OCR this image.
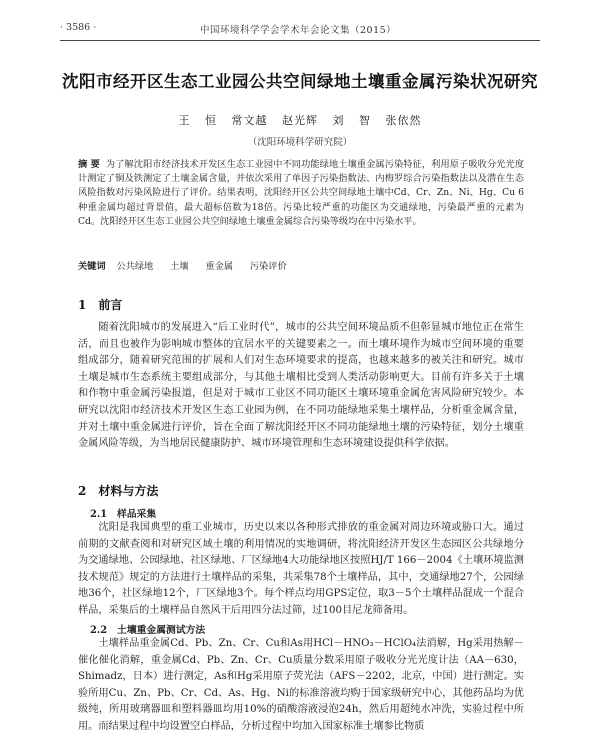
· 3586 ·	中国环境科学学会学术年会论文集（2015）
沈阳市经开区生态工业园公共空间绿地土壤重金属污染状况研究
王 恒 常文越 赵光辉 刘 智 张依然
（沈阳环境科学研究院）
摘 要 为了解沈阳市经济技术开发区生态工业园中不同功能绿地土壤重金属污染特征，利用原子吸收分光光度计测定了铜及铁测定了土壤金属含量，并依次采用了单因子污染指数法、内梅罗综合污染指数法以及潜在生态风险指数对污染风险进行了评价。结果表明，沈阳经开区公共空间绿地土壤中Cd、Cr、Zn、Ni、Hg、Cu 6种重金属均超过背景值，最大超标倍数为18倍。污染比较严重的功能区为交通绿地，污染最严重的元素为Cd。沈阳经开区生态工业园公共空间绿地土壤重金属综合污染等级均在中污染水平。
关键词 公共绿地 土壤 重金属 污染评价
1 前言

随着沈阳城市的发展进入“后工业时代”，城市的公共空间环境品质不但彰显城市地位正在常生活，而且也被作为影响城市整体的宜居水平的关键要素之一。而土壤环境作为城市空间环境的重要组成部分，随着研究范围的扩展和人们对生态环境要求的提高，也越来越多的被关注和研究。城市土壤是城市生态系统主要组成部分，与其他土壤相比受到人类活动影响更大。目前有许多关于土壤和作物中重金属污染报道，但是对于城市工业区不同功能区土壤环境重金属危害风险研究较少。本研究以沈阳市经济技术开发区生态工业园为例，在不同功能绿地采集土壤样品，分析重金属含量，并对土壤中重金属进行评价，旨在全面了解沈阳经开区不同功能绿地土壤的污染特征，划分土壤重金属风险等级，为当地居民健康防护、城市环境管理和生态环境建设提供科学依据。

2 材料与方法
2.1 样品采集

沈阳是我国典型的重工业城市，历史以来以各种形式排放的重金属对周边环境或胁口大。通过前期的文献查阅和对研究区域土壤的利用情况的实地调研，将沈阳经济开发区生态园区公共绿地分为交通绿地、公园绿地、社区绿地、厂区绿地4大功能绿地区按照HJ/T 166－2004《土壤环境监测技术规范》规定的方法进行土壤样品的采集，共采集78个土壤样品，其中，交通绿地27个，公园绿地36个，社区绿地12个，厂区绿地3个。每个样点均用GPS定位，取3－5个土壤样品混成一个混合样品，采集后的土壤样品自然风干后用四分法过筛，过100目尼龙筛备用。

2.2 土壤重金属测试方法

土壤样品重金属Cd、Pb、Zn、Cr、Cu和As用HCl－HNO₃－HClO₄法消解，Hg采用热解－催化催化消解，重金属Cd、Pb、Zn、Cr、Cu质量分数采用原子吸收分光光度计法（AA－630，Shimadz，日本）进行测定，As和Hg采用原子荧光法（AFS－2202，北京，中国）进行测定。实验所用Cu、Zn、Pb、Cr、Cd、As、Hg、Ni的标准溶液均购于国家级研究中心，其他药品均为优级纯，所用玻璃器皿和塑料器皿均用10%的硝酸溶液浸泡24h，然后用超纯水冲洗，实验过程中所用。而结果过程中均设置空白样品，分析过程中均加入国家标准土壤参比物质
